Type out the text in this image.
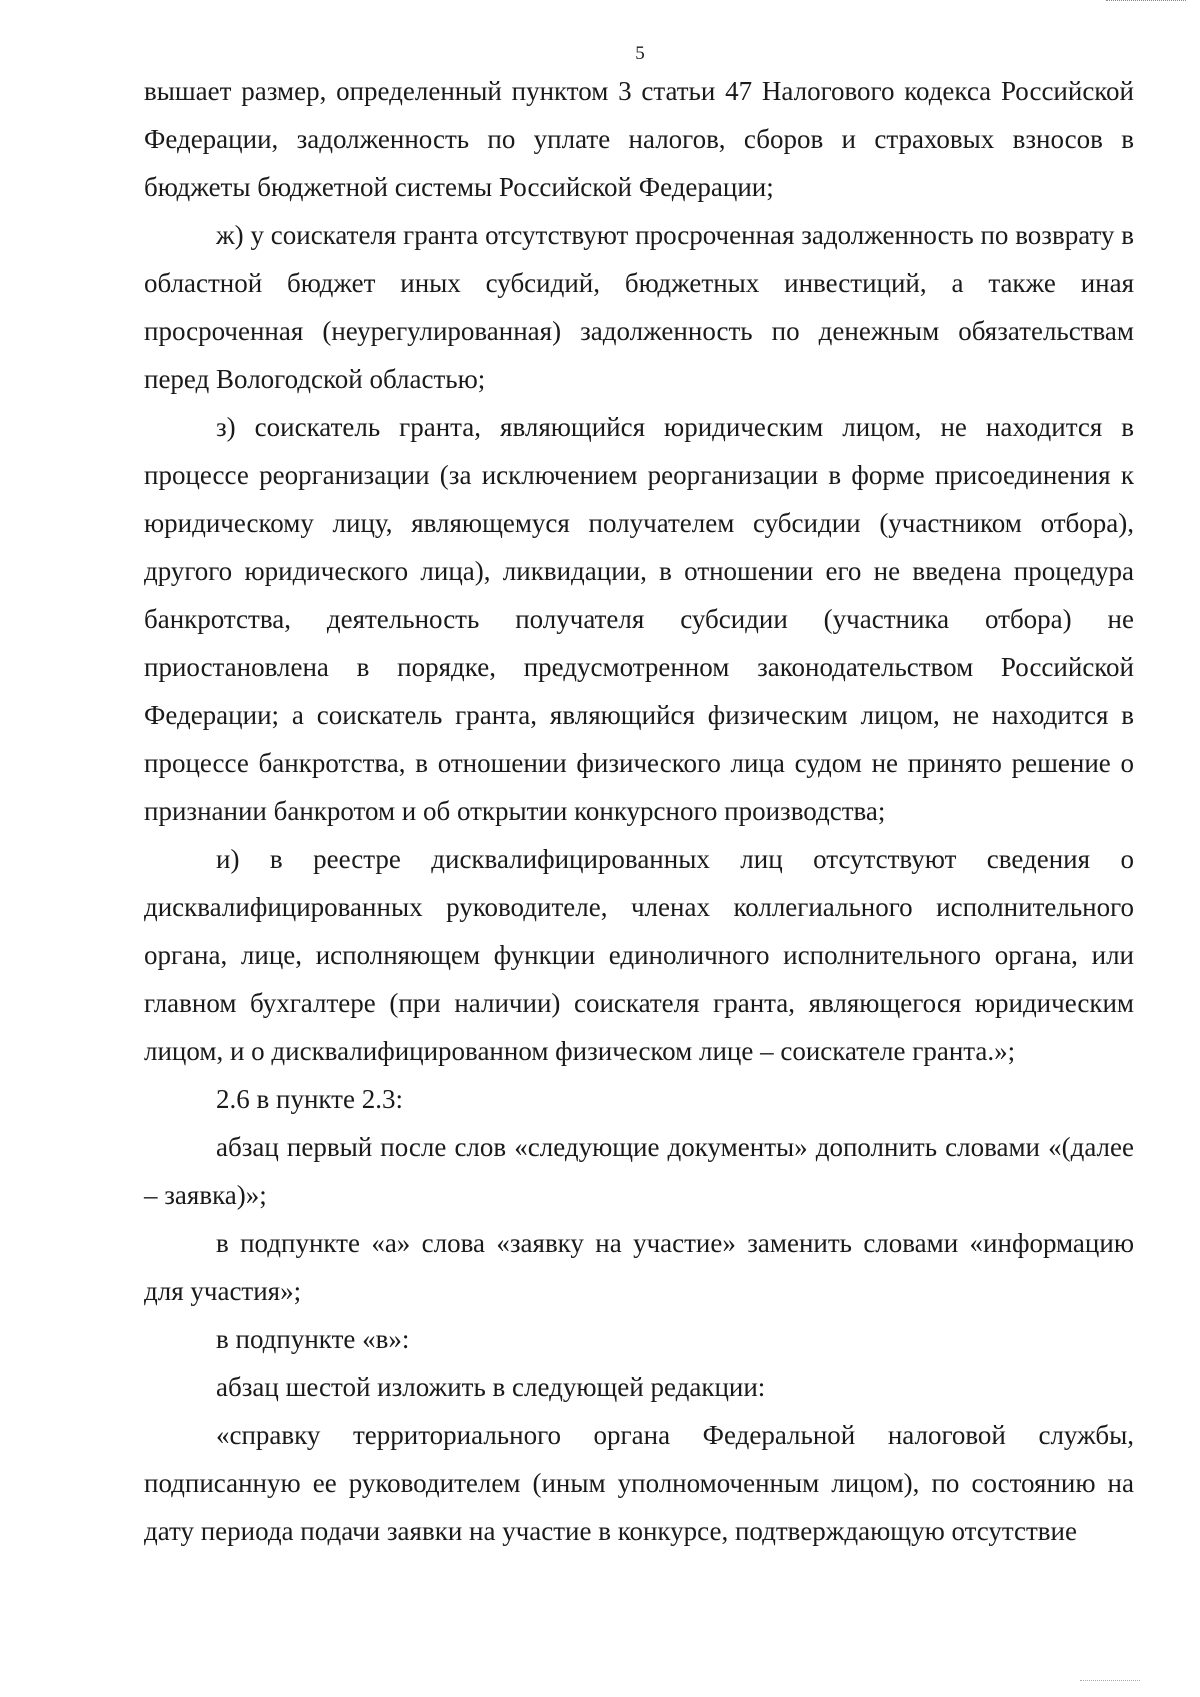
5

вышает размер, определенный пунктом 3 статьи 47 Налогового кодекса Российской Федерации, задолженность по уплате налогов, сборов и страховых взносов в бюджеты бюджетной системы Российской Федерации;

ж) у соискателя гранта отсутствуют просроченная задолженность по возврату в областной бюджет иных субсидий, бюджетных инвестиций, а также иная просроченная (неурегулированная) задолженность по денежным обязательствам перед Вологодской областью;

з) соискатель гранта, являющийся юридическим лицом, не находится в процессе реорганизации (за исключением реорганизации в форме присоединения к юридическому лицу, являющемуся получателем субсидии (участником отбора), другого юридического лица), ликвидации, в отношении его не введена процедура банкротства, деятельность получателя субсидии (участника отбора) не приостановлена в порядке, предусмотренном законодательством Российской Федерации; а соискатель гранта, являющийся физическим лицом, не находится в процессе банкротства, в отношении физического лица судом не принято решение о признании банкротом и об открытии конкурсного производства;

и) в реестре дисквалифицированных лиц отсутствуют сведения о дисквалифицированных руководителе, членах коллегиального исполнительного органа, лице, исполняющем функции единоличного исполнительного органа, или главном бухгалтере (при наличии) соискателя гранта, являющегося юридическим лицом, и о дисквалифицированном физическом лице – соискателе гранта.»;

2.6 в пункте 2.3:

абзац первый после слов «следующие документы» дополнить словами «(далее – заявка)»;

в подпункте «а» слова «заявку на участие» заменить словами «информацию для участия»;

в подпункте «в»:

абзац шестой изложить в следующей редакции:

«справку территориального органа Федеральной налоговой службы, подписанную ее руководителем (иным уполномоченным лицом), по состоянию на дату периода подачи заявки на участие в конкурсе, подтверждающую отсутствие
